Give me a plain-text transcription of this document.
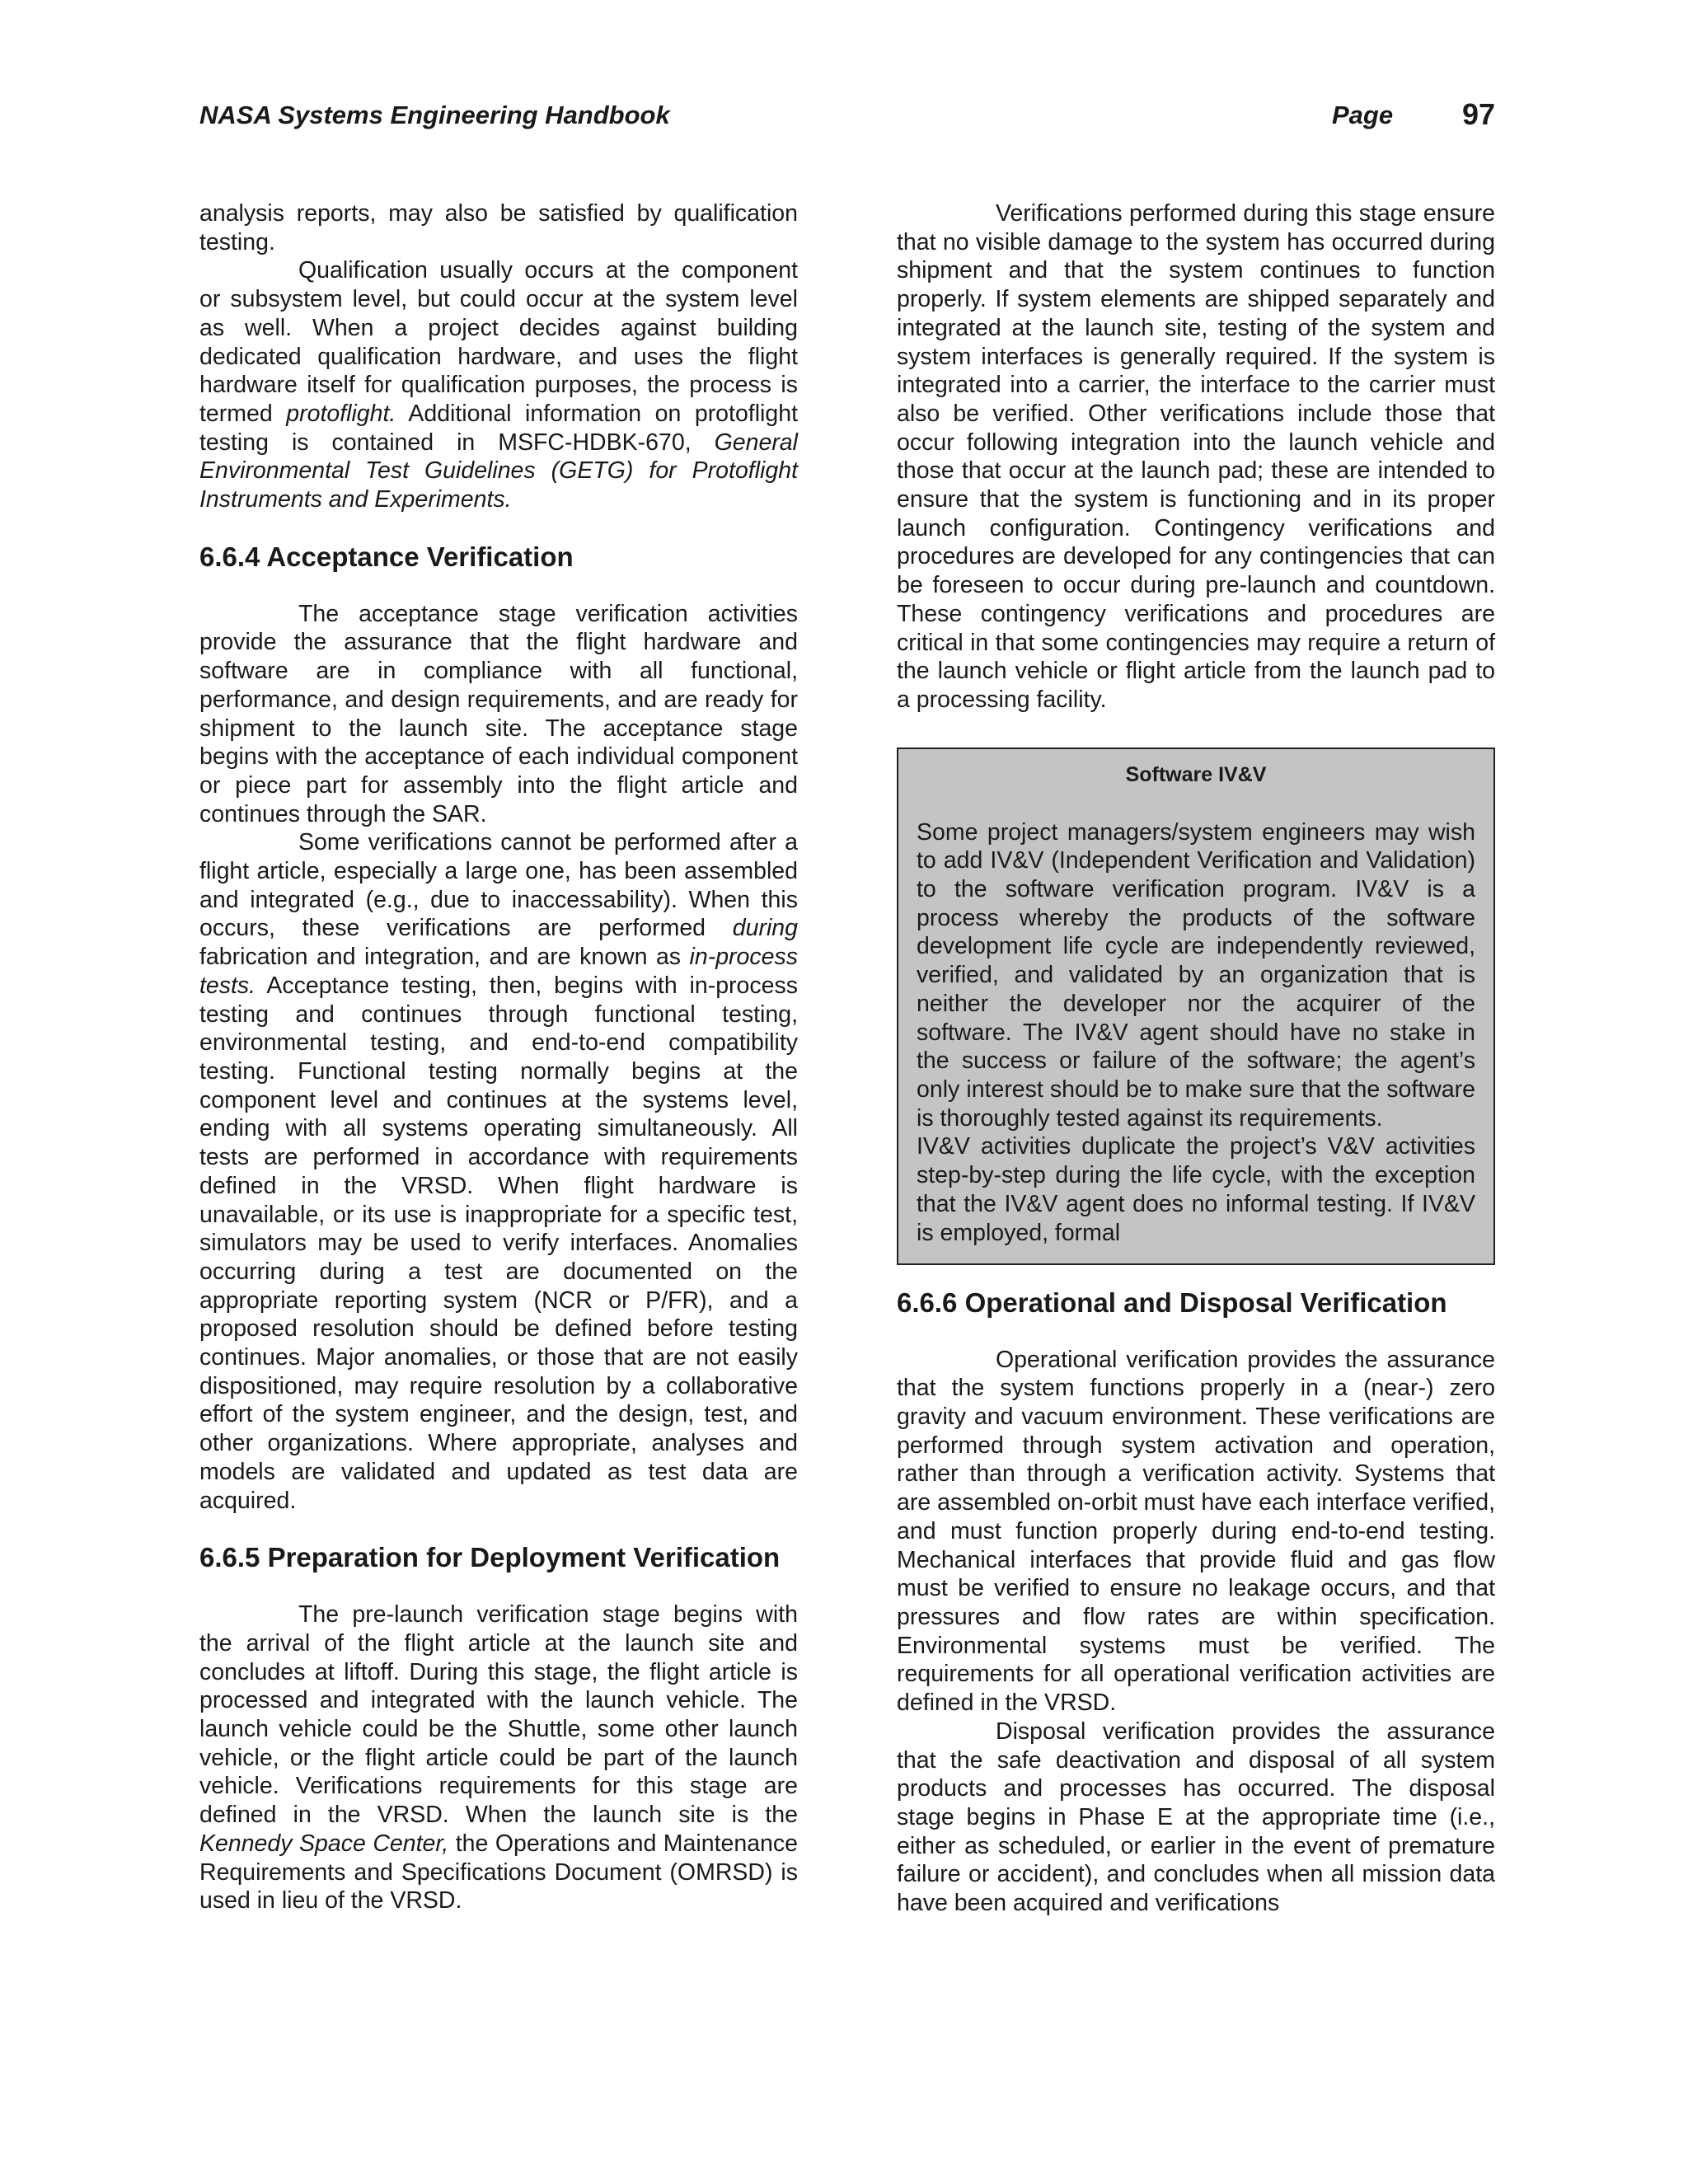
NASA Systems Engineering Handbook	Page 97

analysis reports, may also be satisfied by qualification testing.

Qualification usually occurs at the component or subsystem level, but could occur at the system level as well. When a project decides against building dedicated qualification hardware, and uses the flight hardware itself for qualification purposes, the process is termed protoflight. Additional information on protoflight testing is contained in MSFC-HDBK-670, General Environmental Test Guidelines (GETG) for Protoflight Instruments and Experiments.

6.6.4 Acceptance Verification

The acceptance stage verification activities provide the assurance that the flight hardware and software are in compliance with all functional, performance, and design requirements, and are ready for shipment to the launch site. The acceptance stage begins with the acceptance of each individual component or piece part for assembly into the flight article and continues through the SAR.

Some verifications cannot be performed after a flight article, especially a large one, has been assembled and integrated (e.g., due to inaccessability). When this occurs, these verifications are performed during fabrication and integration, and are known as in-process tests. Acceptance testing, then, begins with in-process testing and continues through functional testing, environmental testing, and end-to-end compatibility testing. Functional testing normally begins at the component level and continues at the systems level, ending with all systems operating simultaneously. All tests are performed in accordance with requirements defined in the VRSD. When flight hardware is unavailable, or its use is inappropriate for a specific test, simulators may be used to verify interfaces. Anomalies occurring during a test are documented on the appropriate reporting system (NCR or P/FR), and a proposed resolution should be defined before testing continues. Major anomalies, or those that are not easily dispositioned, may require resolution by a collaborative effort of the system engineer, and the design, test, and other organizations. Where appropriate, analyses and models are validated and updated as test data are acquired.

6.6.5 Preparation for Deployment Verification

The pre-launch verification stage begins with the arrival of the flight article at the launch site and concludes at liftoff. During this stage, the flight article is processed and integrated with the launch vehicle. The launch vehicle could be the Shuttle, some other launch vehicle, or the flight article could be part of the launch vehicle. Verifications requirements for this stage are defined in the VRSD. When the launch site is the Kennedy Space Center, the Operations and Maintenance Requirements and Specifications Document (OMRSD) is used in lieu of the VRSD.

Verifications performed during this stage ensure that no visible damage to the system has occurred during shipment and that the system continues to function properly. If system elements are shipped separately and integrated at the launch site, testing of the system and system interfaces is generally required. If the system is integrated into a carrier, the interface to the carrier must also be verified. Other verifications include those that occur following integration into the launch vehicle and those that occur at the launch pad; these are intended to ensure that the system is functioning and in its proper launch configuration. Contingency verifications and procedures are developed for any contingencies that can be foreseen to occur during pre-launch and countdown. These contingency verifications and procedures are critical in that some contingencies may require a return of the launch vehicle or flight article from the launch pad to a processing facility.

Software IV&V

Some project managers/system engineers may wish to add IV&V (Independent Verification and Validation) to the software verification program. IV&V is a process whereby the products of the software development life cycle are independently reviewed, verified, and validated by an organization that is neither the developer nor the acquirer of the software. The IV&V agent should have no stake in the success or failure of the software; the agent’s only interest should be to make sure that the software is thoroughly tested against its requirements.

IV&V activities duplicate the project’s V&V activities step-by-step during the life cycle, with the exception that the IV&V agent does no informal testing. If IV&V is employed, formal

6.6.6 Operational and Disposal Verification

Operational verification provides the assurance that the system functions properly in a (near-) zero gravity and vacuum environment. These verifications are performed through system activation and operation, rather than through a verification activity. Systems that are assembled on-orbit must have each interface verified, and must function properly during end-to-end testing. Mechanical interfaces that provide fluid and gas flow must be verified to ensure no leakage occurs, and that pressures and flow rates are within specification. Environmental systems must be verified. The requirements for all operational verification activities are defined in the VRSD.

Disposal verification provides the assurance that the safe deactivation and disposal of all system products and processes has occurred. The disposal stage begins in Phase E at the appropriate time (i.e., either as scheduled, or earlier in the event of premature failure or accident), and concludes when all mission data have been acquired and verifications
